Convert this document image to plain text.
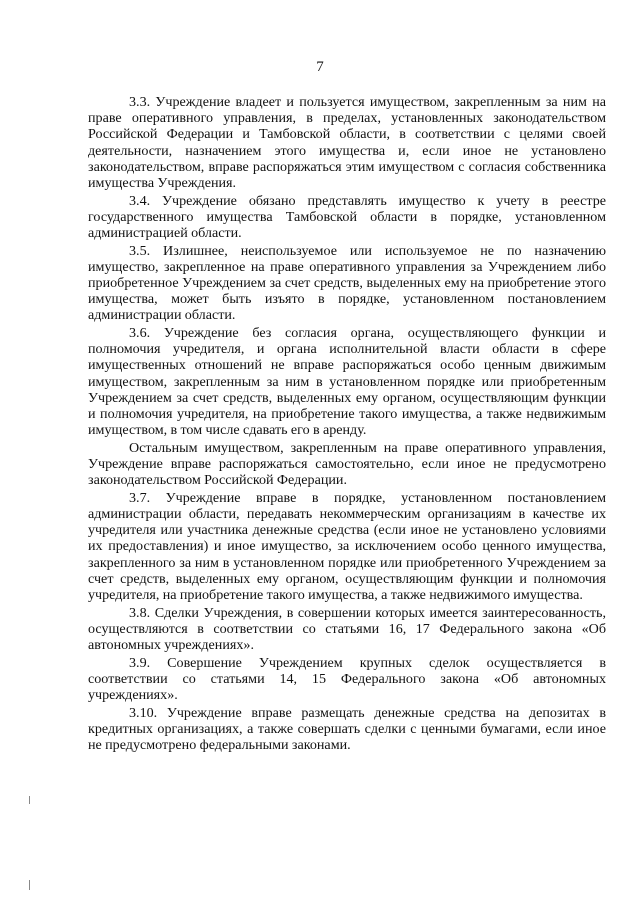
7

3.3. Учреждение владеет и пользуется имуществом, закрепленным за ним на праве оперативного управления, в пределах, установленных законодательством Российской Федерации и Тамбовской области, в соответствии с целями своей деятельности, назначением этого имущества и, если иное не установлено законодательством, вправе распоряжаться этим имуществом с согласия собственника имущества Учреждения.

3.4. Учреждение обязано представлять имущество к учету в реестре государственного имущества Тамбовской области в порядке, установленном администрацией области.

3.5. Излишнее, неиспользуемое или используемое не по назначению имущество, закрепленное на праве оперативного управления за Учреждением либо приобретенное Учреждением за счет средств, выделенных ему на приобретение этого имущества, может быть изъято в порядке, установленном постановлением администрации области.

3.6. Учреждение без согласия органа, осуществляющего функции и полномочия учредителя, и органа исполнительной власти области в сфере имущественных отношений не вправе распоряжаться особо ценным движимым имуществом, закрепленным за ним в установленном порядке или приобретенным Учреждением за счет средств, выделенных ему органом, осуществляющим функции и полномочия учредителя, на приобретение такого имущества, а также недвижимым имуществом, в том числе сдавать его в аренду.

Остальным имуществом, закрепленным на праве оперативного управления, Учреждение вправе распоряжаться самостоятельно, если иное не предусмотрено законодательством Российской Федерации.

3.7. Учреждение вправе в порядке, установленном постановлением администрации области, передавать некоммерческим организациям в качестве их учредителя или участника денежные средства (если иное не установлено условиями их предоставления) и иное имущество, за исключением особо ценного имущества, закрепленного за ним в установленном порядке или приобретенного Учреждением за счет средств, выделенных ему органом, осуществляющим функции и полномочия учредителя, на приобретение такого имущества, а также недвижимого имущества.

3.8. Сделки Учреждения, в совершении которых имеется заинтересованность, осуществляются в соответствии со статьями 16, 17 Федерального закона «Об автономных учреждениях».

3.9. Совершение Учреждением крупных сделок осуществляется в соответствии со статьями 14, 15 Федерального закона «Об автономных учреждениях».

3.10. Учреждение вправе размещать денежные средства на депозитах в кредитных организациях, а также совершать сделки с ценными бумагами, если иное не предусмотрено федеральными законами.
